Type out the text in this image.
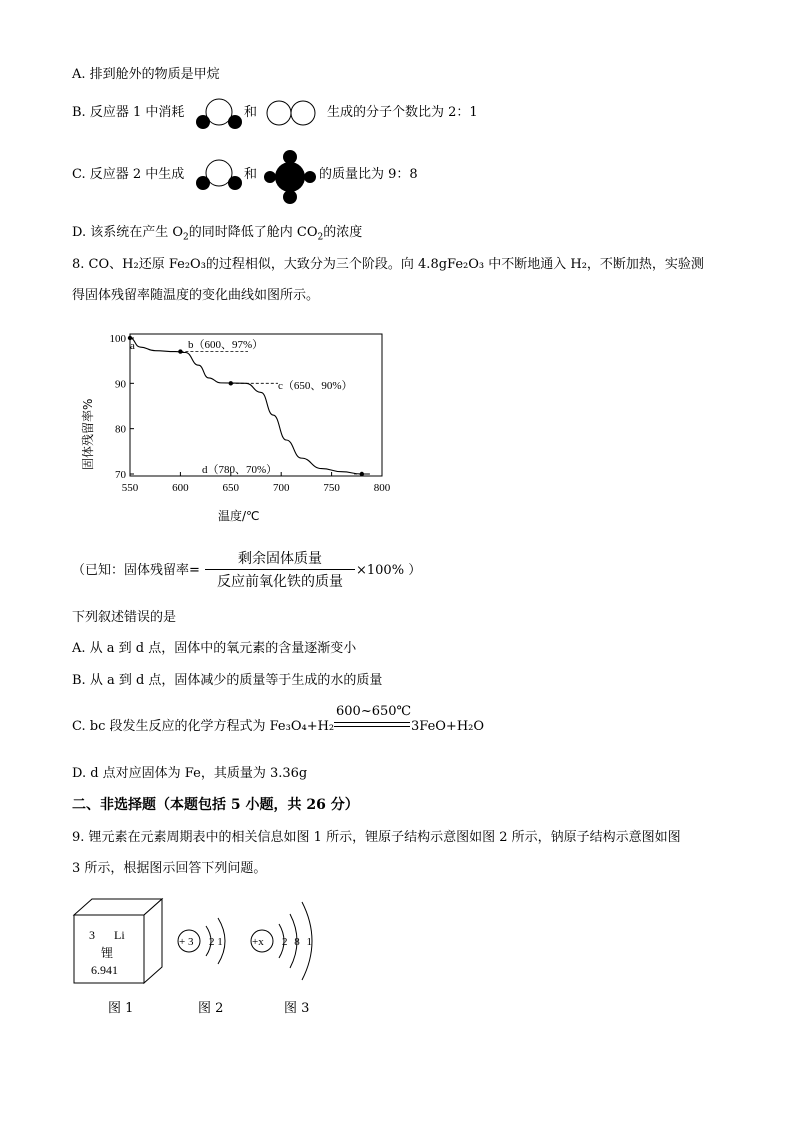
A. 排到舱外的物质是甲烷
B. 反应器 1 中消耗	和	生成的分子个数比为 2：1
C. 反应器 2 中生成	和	的质量比为 9：8
D. 该系统在产生 $O_2$的同时降低了舱内 $CO_2$的浓度
8. CO、H₂还原 Fe₂O₃的过程相似，大致分为三个阶段。向 4.8gFe₂O₃ 中不断地通入 H₂，不断加热，实验测
得固体残留率随温度的变化曲线如图所示。
550	600	650	700	750	800
70
80
90
100
a	b（600、97%）
c（650、90%）
d（780、70%）
温度/℃
固体残留率%
（已知：固体残留率=
剩余固体质量
反应前氧化铁的质量
×100% ）
下列叙述错误的是
A. 从 a 到 d 点，固体中的氧元素的含量逐渐变小
B. 从 a 到 d 点，固体减少的质量等于生成的水的质量
C. bc 段发生反应的化学方程式为 Fe₃O₄+H₂
600~650℃
3FeO+H₂O
D. d 点对应固体为 Fe，其质量为 3.36g
二、非选择题（本题包括 5 小题，共 26 分）
9. 锂元素在元素周期表中的相关信息如图 1 所示，锂原子结构示意图如图 2 所示，钠原子结构示意图如图
3 所示，根据图示回答下列问题。
3 Li
锂
6.941
图 1
+ 3 2 1
图 2
+x 2 8 1
图 3
